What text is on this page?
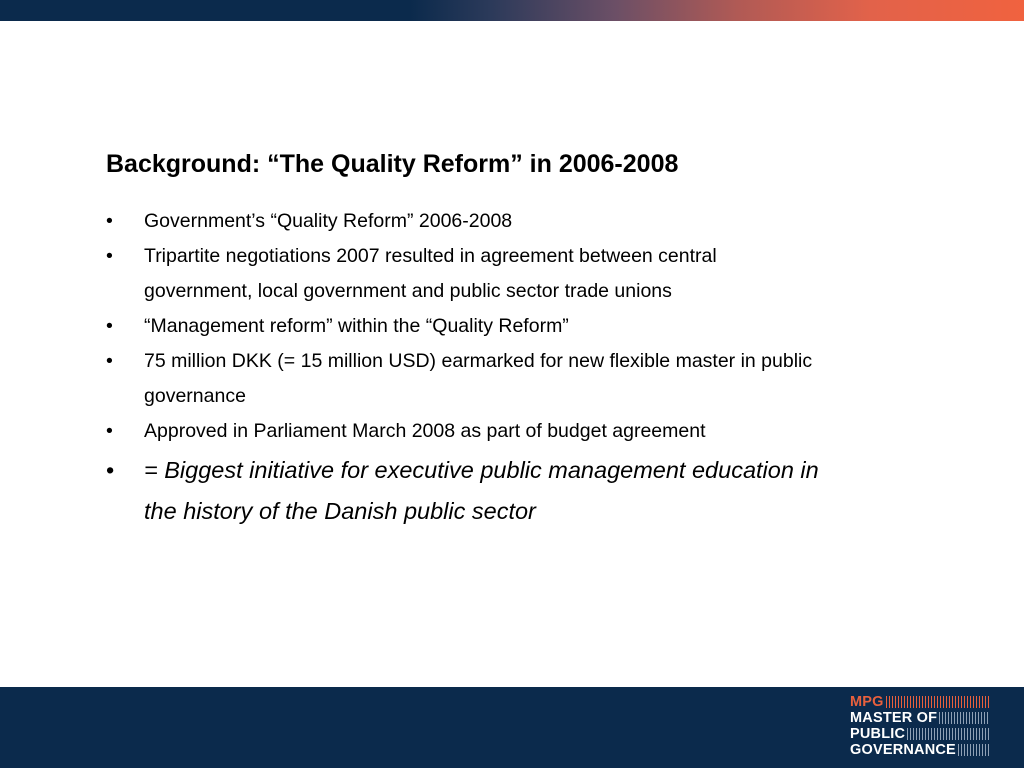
Background: “The Quality Reform” in 2006-2008
• Government’s “Quality Reform” 2006-2008
• Tripartite negotiations 2007 resulted in agreement between central
government, local government and public sector trade unions
• “Management reform” within the “Quality Reform”
• 75 million DKK (= 15 million USD) earmarked for new flexible master in public
governance
• Approved in Parliament March 2008 as part of budget agreement
• = Biggest initiative for executive public management education in
the history of the Danish public sector
MPG
MASTER OF
PUBLIC
GOVERNANCE
